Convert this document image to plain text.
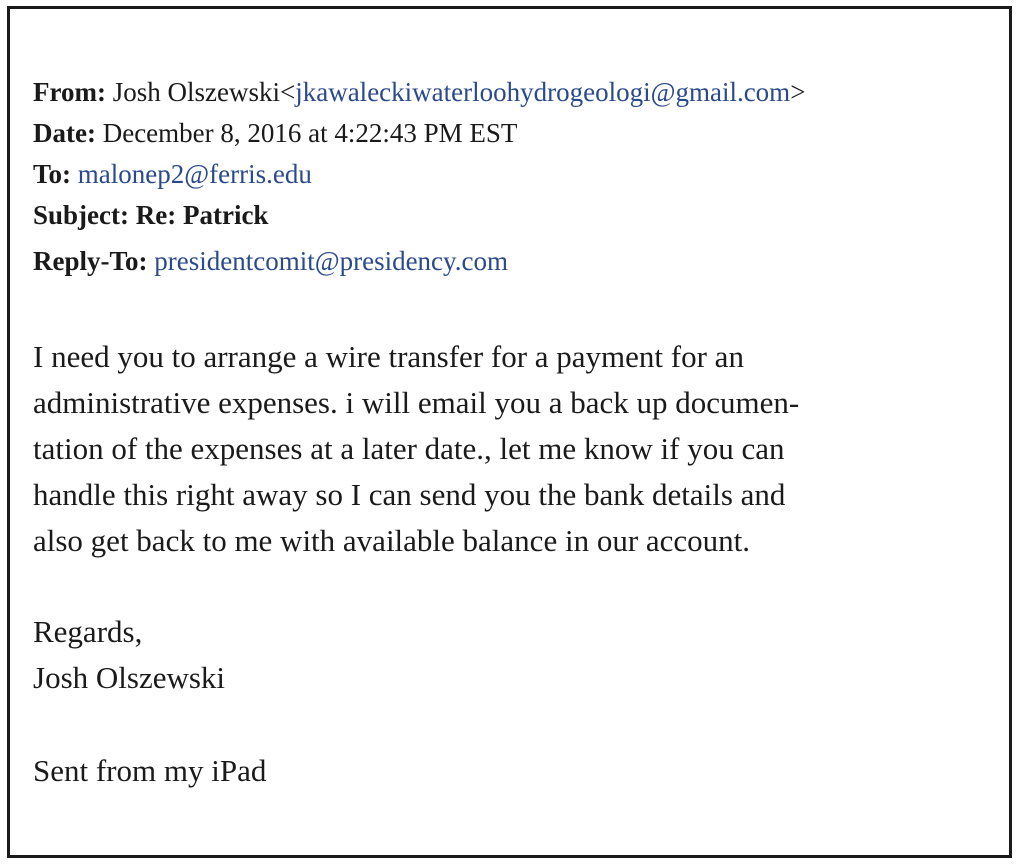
From: Josh Olszewski<jkawaleckiwaterloohydrogeologi@gmail.com>
Date: December 8, 2016 at 4:22:43 PM EST
To: malonep2@ferris.edu
Subject: Re: Patrick
Reply-To: presidentcomit@presidency.com
I need you to arrange a wire transfer for a payment for an
administrative expenses. i will email you a back up documen-
tation of the expenses at a later date., let me know if you can
handle this right away so I can send you the bank details and
also get back to me with available balance in our account.
Regards,
Josh Olszewski
Sent from my iPad
